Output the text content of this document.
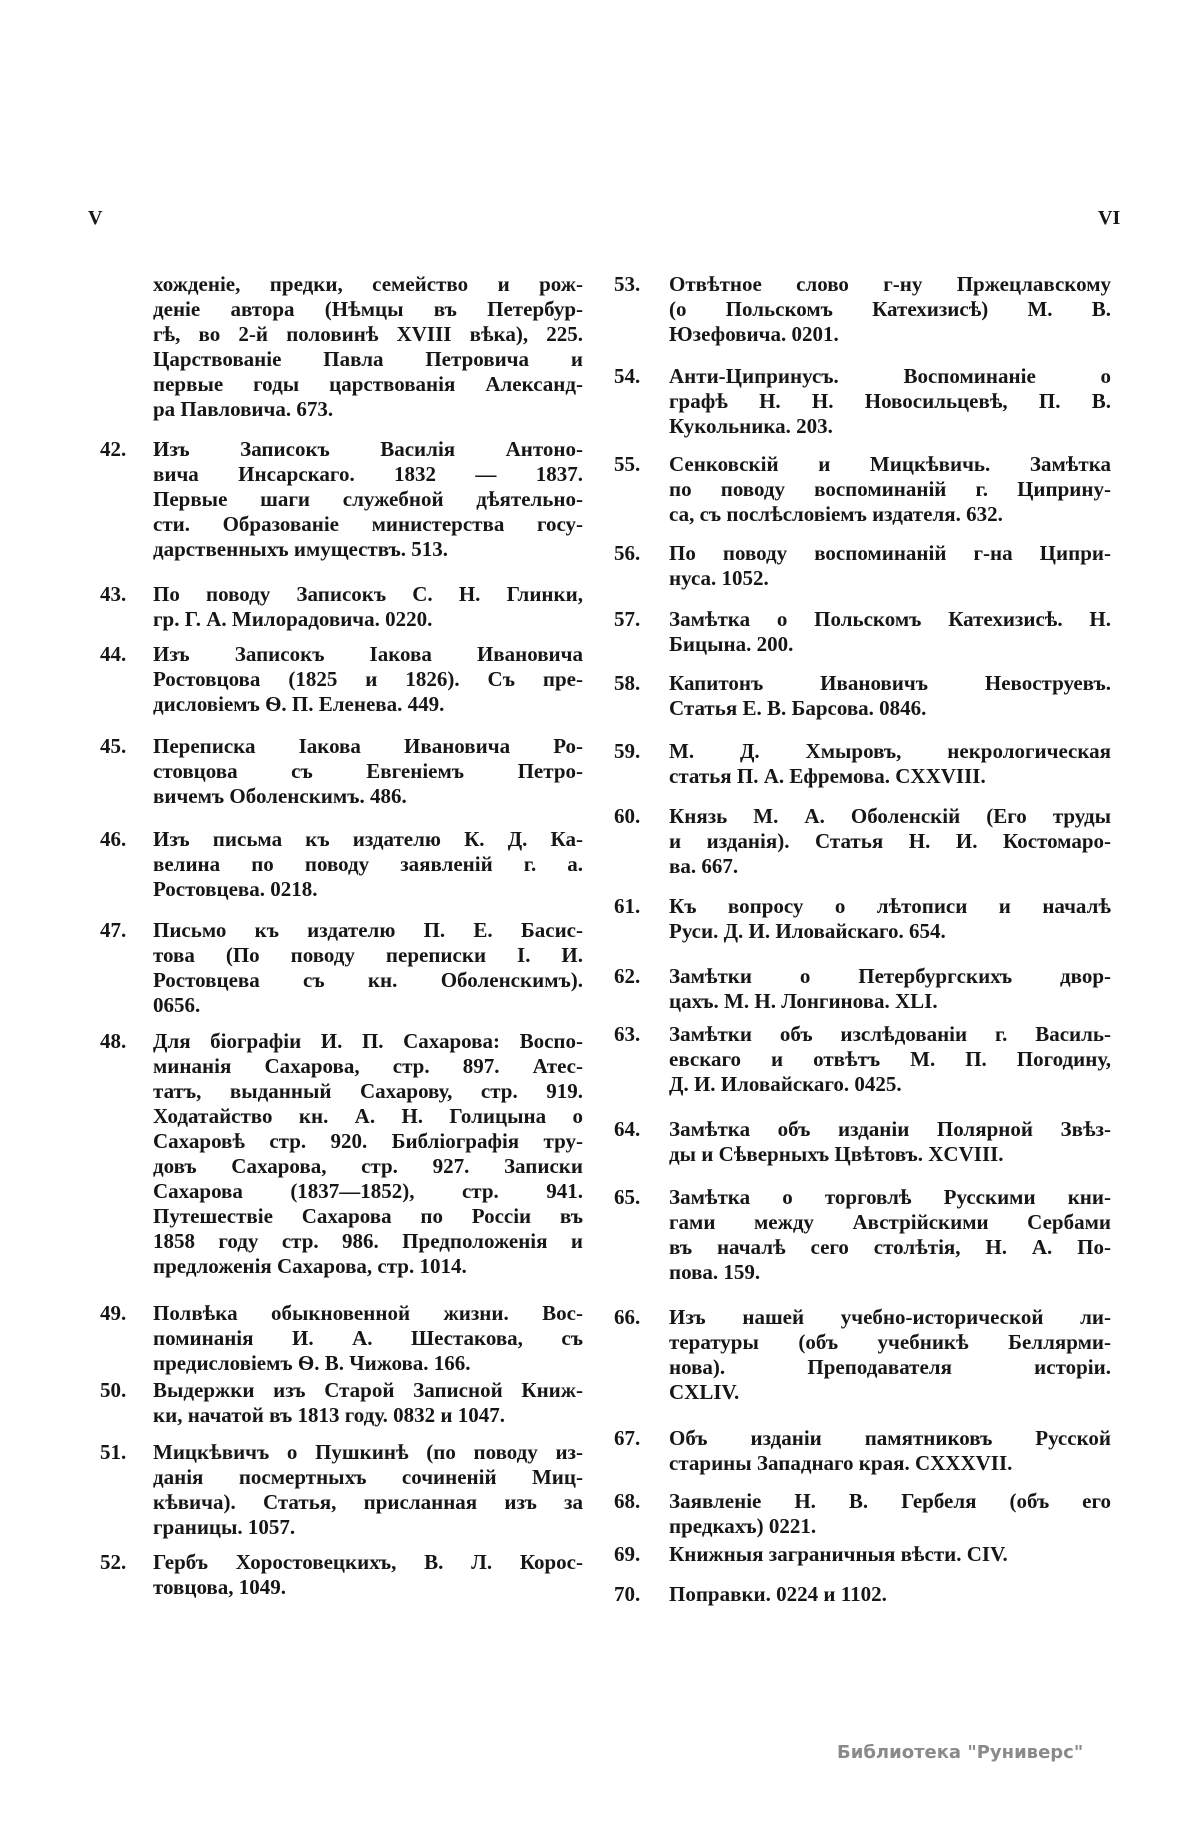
V	VI
хожденіе, предки, семейство и рож-
деніе автора (Нѣмцы въ Петербур-
гѣ, во 2-й половинѣ XVIII вѣка), 225.
Царствованіе Павла Петровича и
первые годы царствованія Александ-
ра Павловича. 673.
42. Изъ Записокъ Василія Антоно-
вича Инсарскаго. 1832 — 1837.
Первые шаги служебной дѣятельно-
сти. Образованіе министерства госу-
дарственныхъ имуществъ. 513.
43. По поводу Записокъ С. Н. Глинки,
гр. Г. А. Милорадовича. 0220.
44. Изъ Записокъ Іакова Ивановича
Ростовцова (1825 и 1826). Съ пре-
дисловіемъ Ѳ. П. Еленева. 449.
45. Переписка Іакова Ивановича Ро-
стовцова съ Евгеніемъ Петро-
вичемъ Оболенскимъ. 486.
46. Изъ письма къ издателю К. Д. Ка-
велина по поводу заявленій г. а.
Ростовцева. 0218.
47. Письмо къ издателю П. Е. Басис-
това (По поводу переписки І. И.
Ростовцева съ кн. Оболенскимъ).
0656.
48. Для біографіи И. П. Сахарова: Воспо-
минанія Сахарова, стр. 897. Атес-
татъ, выданный Сахарову, стр. 919.
Ходатайство кн. А. Н. Голицына о
Сахаровѣ стр. 920. Библіографія тру-
довъ Сахарова, стр. 927. Записки
Сахарова (1837—1852), стр. 941.
Путешествіе Сахарова по Россіи въ
1858 году стр. 986. Предположенія и
предложенія Сахарова, стр. 1014.
49. Полвѣка обыкновенной жизни. Вос-
поминанія И. А. Шестакова, съ
предисловіемъ Ѳ. В. Чижова. 166.
50. Выдержки изъ Старой Записной Книж-
ки, начатой въ 1813 году. 0832 и 1047.
51. Мицкѣвичъ о Пушкинѣ (по поводу из-
данія посмертныхъ сочиненій Миц-
кѣвича). Статья, присланная изъ за
границы. 1057.
52. Гербъ Хоростовецкихъ, В. Л. Корос-
товцова, 1049.
53. Отвѣтное слово г-ну Пржецлавскому
(о Польскомъ Катехизисѣ) М. В.
Юзефовича. 0201.
54. Анти-Ципринусъ. Воспоминаніе о
графѣ Н. Н. Новосильцевѣ, П. В.
Кукольника. 203.
55. Сенковскій и Мицкѣвичь. Замѣтка
по поводу воспоминаній г. Циприну-
са, съ послѣсловіемъ издателя. 632.
56. По поводу воспоминаній г-на Ципри-
нуса. 1052.
57. Замѣтка о Польскомъ Катехизисѣ. Н.
Бицына. 200.
58. Капитонъ Ивановичъ Невоструевъ.
Статья Е. В. Барсова. 0846.
59. М. Д. Хмыровъ, некрологическая
статья П. А. Ефремова. CXXVIII.
60. Князь М. А. Оболенскій (Его труды
и изданія). Статья Н. И. Костомаро-
ва. 667.
61. Къ вопросу о лѣтописи и началѣ
Руси. Д. И. Иловайскаго. 654.
62. Замѣтки о Петербургскихъ двор-
цахъ. М. Н. Лонгинова. XLI.
63. Замѣтки объ изслѣдованіи г. Василь-
евскаго и отвѣтъ М. П. Погодину,
Д. И. Иловайскаго. 0425.
64. Замѣтка объ изданіи Полярной Звѣз-
ды и Сѣверныхъ Цвѣтовъ. XCVIII.
65. Замѣтка о торговлѣ Русскими кни-
гами между Австрійскими Сербами
въ началѣ сего столѣтія, Н. А. По-
пова. 159.
66. Изъ нашей учебно-исторической ли-
тературы (объ учебникѣ Беллярми-
нова). Преподавателя исторіи.
CXLIV.
67. Объ изданіи памятниковъ Русской
старины Западнаго края. CXXXVII.
68. Заявленіе Н. В. Гербеля (объ его
предкахъ) 0221.
69. Книжныя заграничныя вѣсти. CIV.
70. Поправки. 0224 и 1102.
Библиотека "Руниверс"
